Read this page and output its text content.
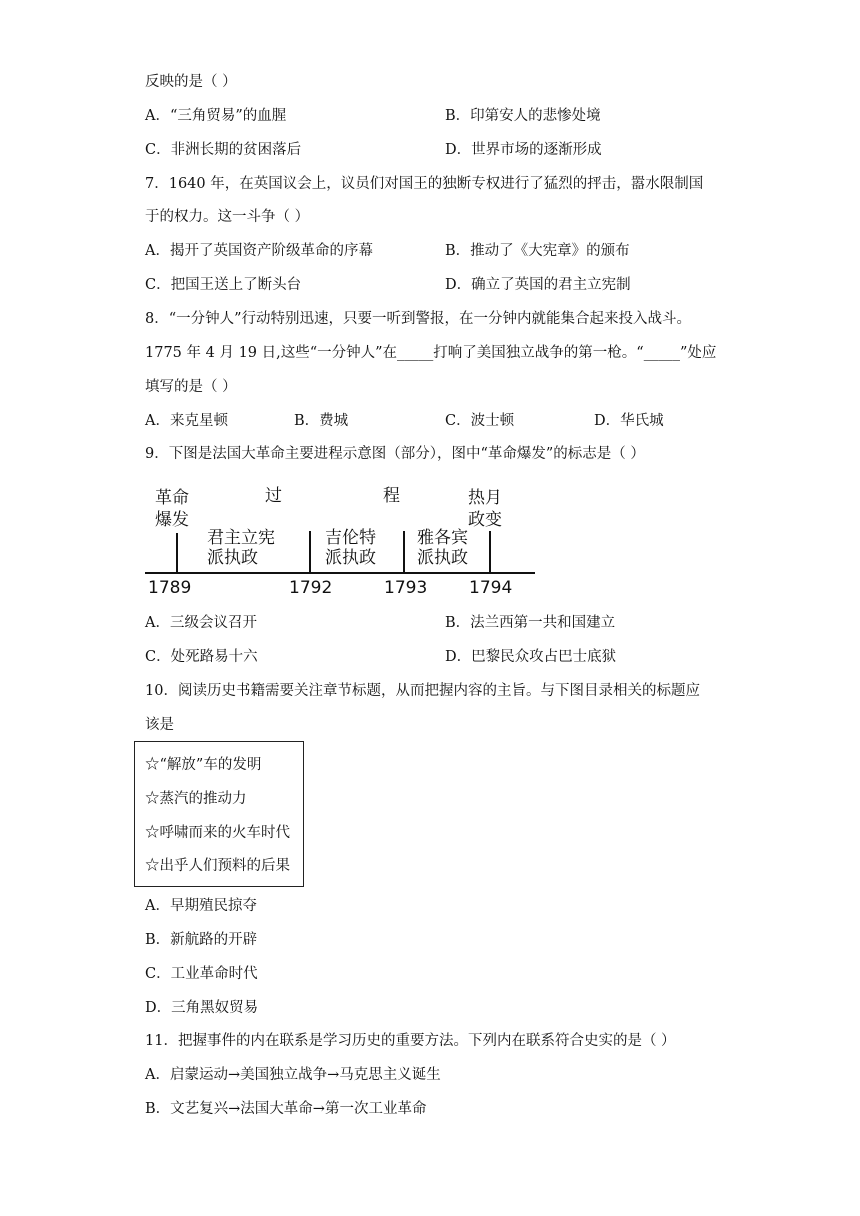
反映的是（ ）
A．“三角贸易”的血腥	B．印第安人的悲惨处境
C．非洲长期的贫困落后	D．世界市场的逐渐形成
7．1640 年，在英国议会上，议员们对国王的独断专权进行了猛烈的抨击，嚣水限制国
于的权力。这一斗争（ ）
A．揭开了英国资产阶级革命的序幕	B．推动了《大宪章》的颁布
C．把国王送上了断头台	D．确立了英国的君主立宪制
8．“一分钟人”行动特别迅速，只要一听到警报，在一分钟内就能集合起来投入战斗。
1775 年 4 月 19 日,这些“一分钟人”在_____打响了美国独立战争的第一枪。“_____”处应
填写的是（ ）
A．来克星顿	B．费城	C．波士顿	D．华氏城
9．下图是法国大革命主要进程示意图（部分），图中“革命爆发”的标志是（ ）
革命
爆发
过	程	热月
政变
君主立宪
派执政
吉伦特
派执政
雅各宾
派执政
1789	1792	1793 1794
A．三级会议召开	B．法兰西第一共和国建立
C．处死路易十六	D．巴黎民众攻占巴士底狱
10．阅读历史书籍需要关注章节标题，从而把握内容的主旨。与下图目录相关的标题应
该是
☆“解放”车的发明
☆蒸汽的推动力
☆呼啸而来的火车时代
☆出乎人们预料的后果
A．早期殖民掠夺
B．新航路的开辟
C．工业革命时代
D．三角黑奴贸易
11．把握事件的内在联系是学习历史的重要方法。下列内在联系符合史实的是（ ）
A．启蒙运动→美国独立战争→马克思主义诞生
B．文艺复兴→法国大革命→第一次工业革命
